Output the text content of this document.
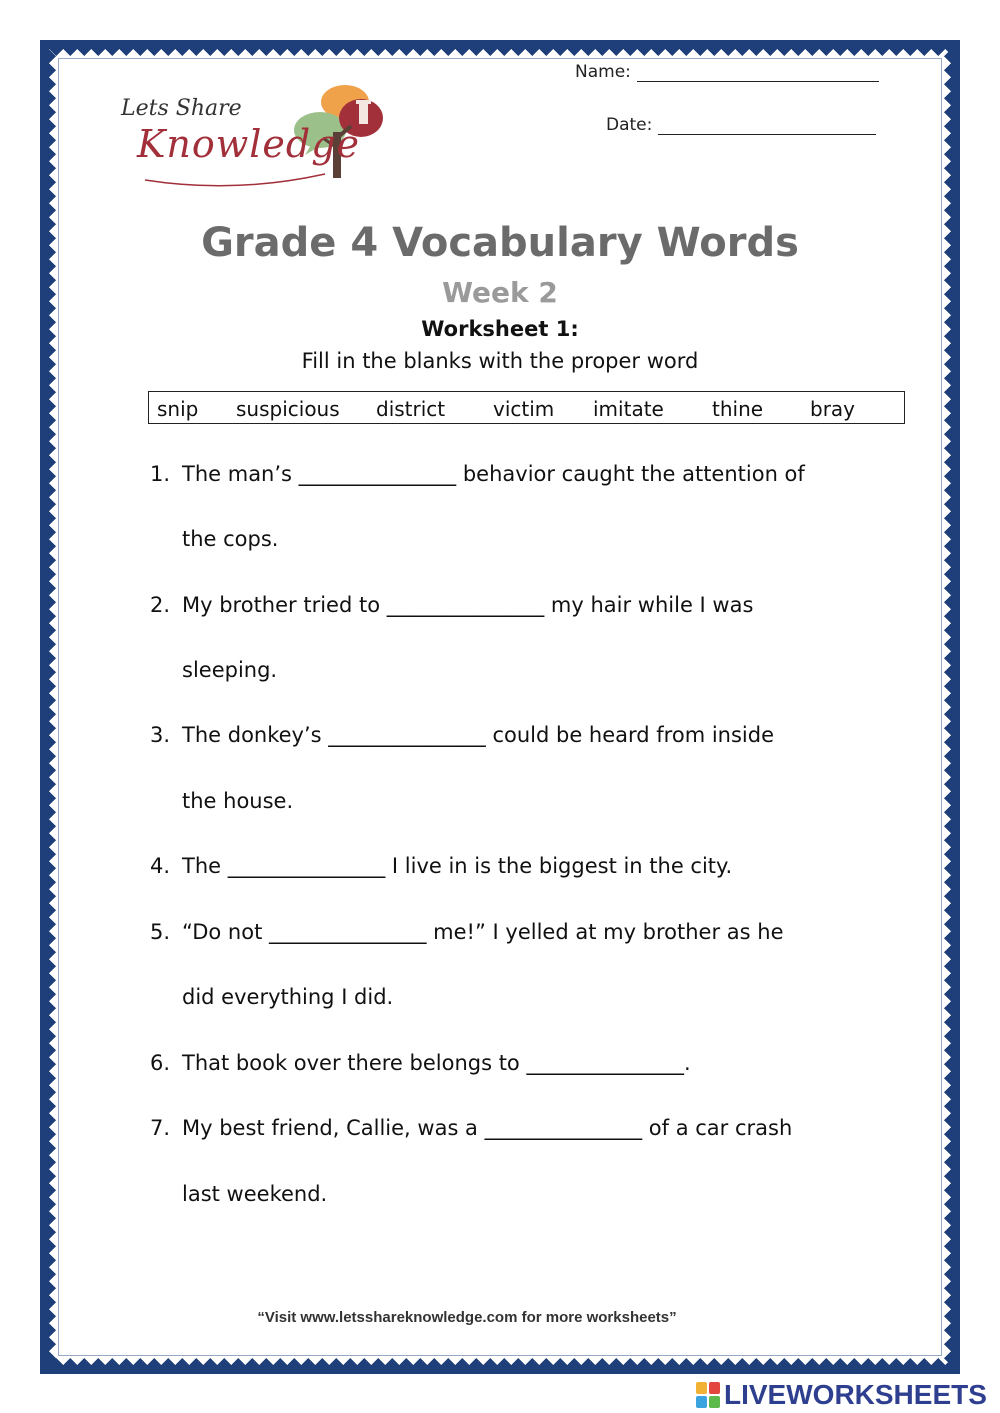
Name:
Date:
Lets Share
Knowledge
Grade 4 Vocabulary Words
Week 2
Worksheet 1:
Fill in the blanks with the proper word
snip suspicious district victim imitate thine bray
1. The man’s _______________ behavior caught the attention of
the cops.
2. My brother tried to _______________ my hair while I was
sleeping.
3. The donkey’s _______________ could be heard from inside
the house.
4. The _______________ I live in is the biggest in the city.
5. “Do not _______________ me!” I yelled at my brother as he
did everything I did.
6. That book over there belongs to _______________.
7. My best friend, Callie, was a _______________ of a car crash
last weekend.
“Visit www.letsshareknowledge.com for more worksheets”
LIVEWORKSHEETS
